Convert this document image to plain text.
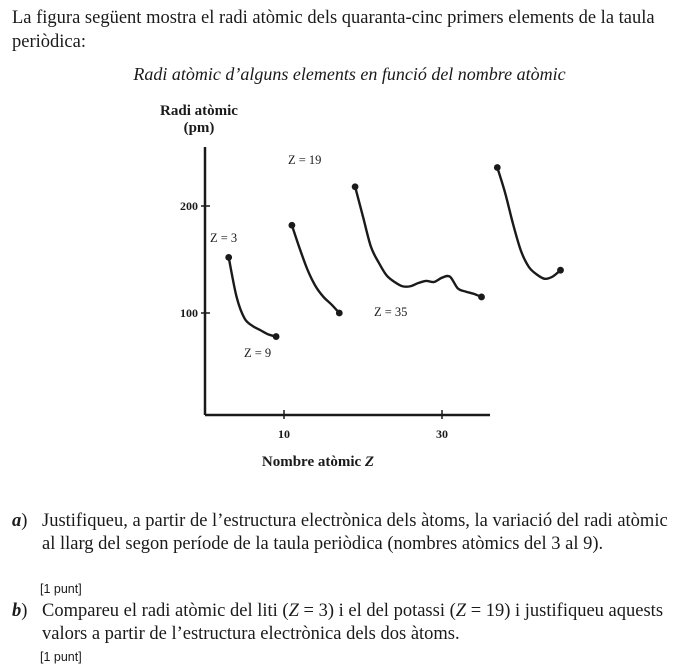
La figura següent mostra el radi atòmic dels quaranta-cinc primers elements de la taula periòdica:
Radi atòmic d’alguns elements en funció del nombre atòmic
Radi atòmic
(pm)
Nombre atòmic Z
100
200
10	30
Z = 3
Z = 9
Z = 19
Z = 35
a) Justifiqueu, a partir de l’estructura electrònica dels àtoms, la variació del radi atòmic al llarg del segon període de la taula periòdica (nombres atòmics del 3 al 9).
[1 punt]
b) Compareu el radi atòmic del liti (Z = 3) i el del potassi (Z = 19) i justifiqueu aquests valors a partir de l’estructura electrònica dels dos àtoms.
[1 punt]
